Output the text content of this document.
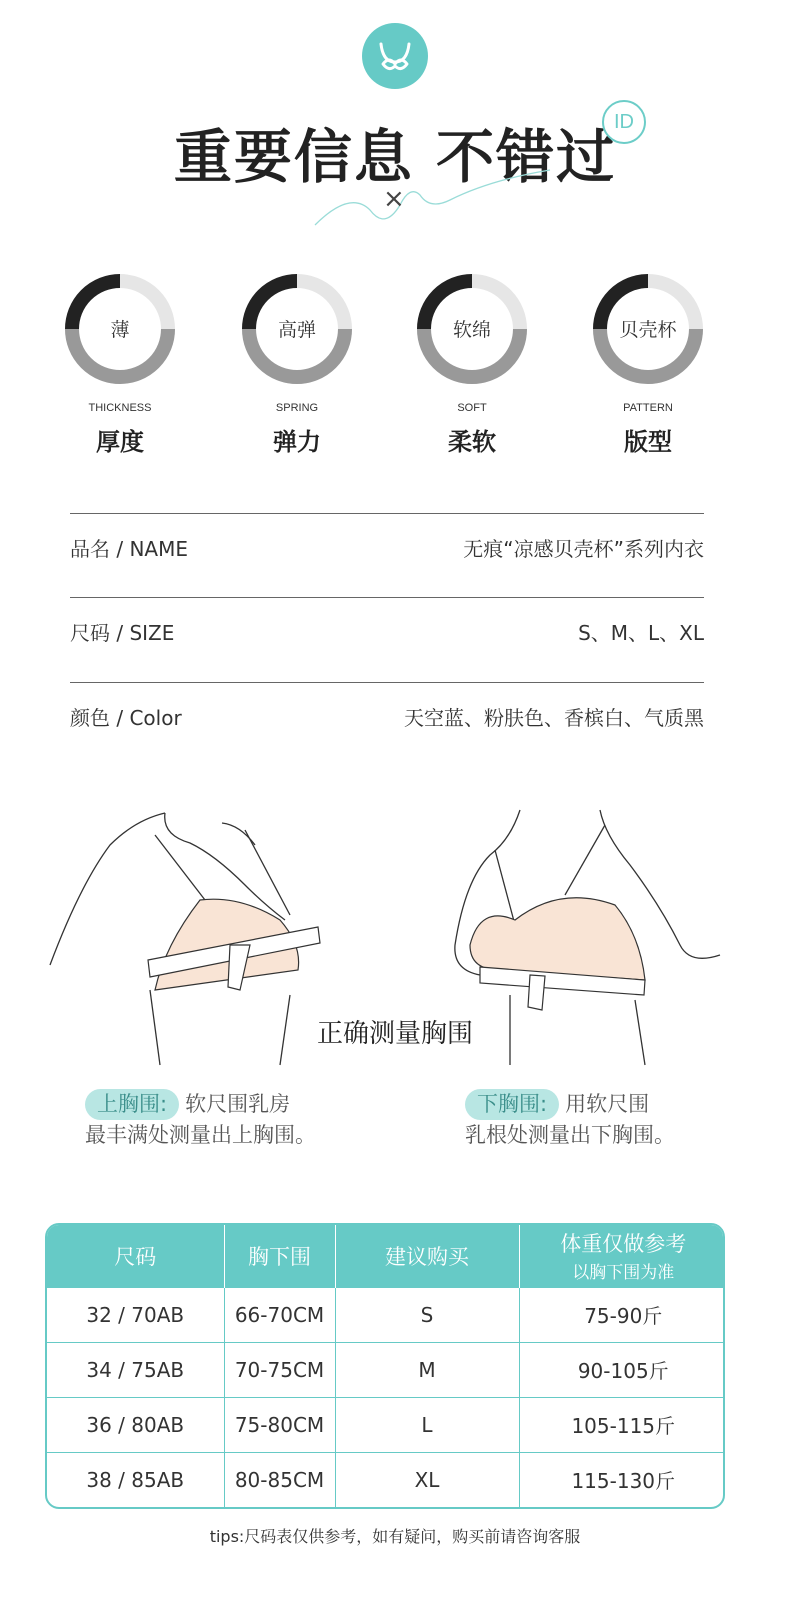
重要信息 不错过
ID
×
薄
THICKNESS
厚度
高弹
SPRING
弹力
软绵
SOFT
柔软
贝壳杯
PATTERN
版型
品名 / NAME	无痕“凉感贝壳杯”系列内衣
尺码 / SIZE	S、M、L、XL
颜色 / Color	天空蓝、粉肤色、香槟白、气质黑
正确测量胸围
上胸围: 软尺围乳房
最丰满处测量出上胸围。
下胸围: 用软尺围
乳根处测量出下胸围。
尺码	胸下围	建议购买	体重仅做参考
以胸下围为准

32 / 70AB	66-70CM	S	75-90斤
34 / 75AB	70-75CM	M	90-105斤
36 / 80AB	75-80CM	L	105-115斤
38 / 85AB	80-85CM	XL	115-130斤
tips:尺码表仅供参考，如有疑问，购买前请咨询客服
